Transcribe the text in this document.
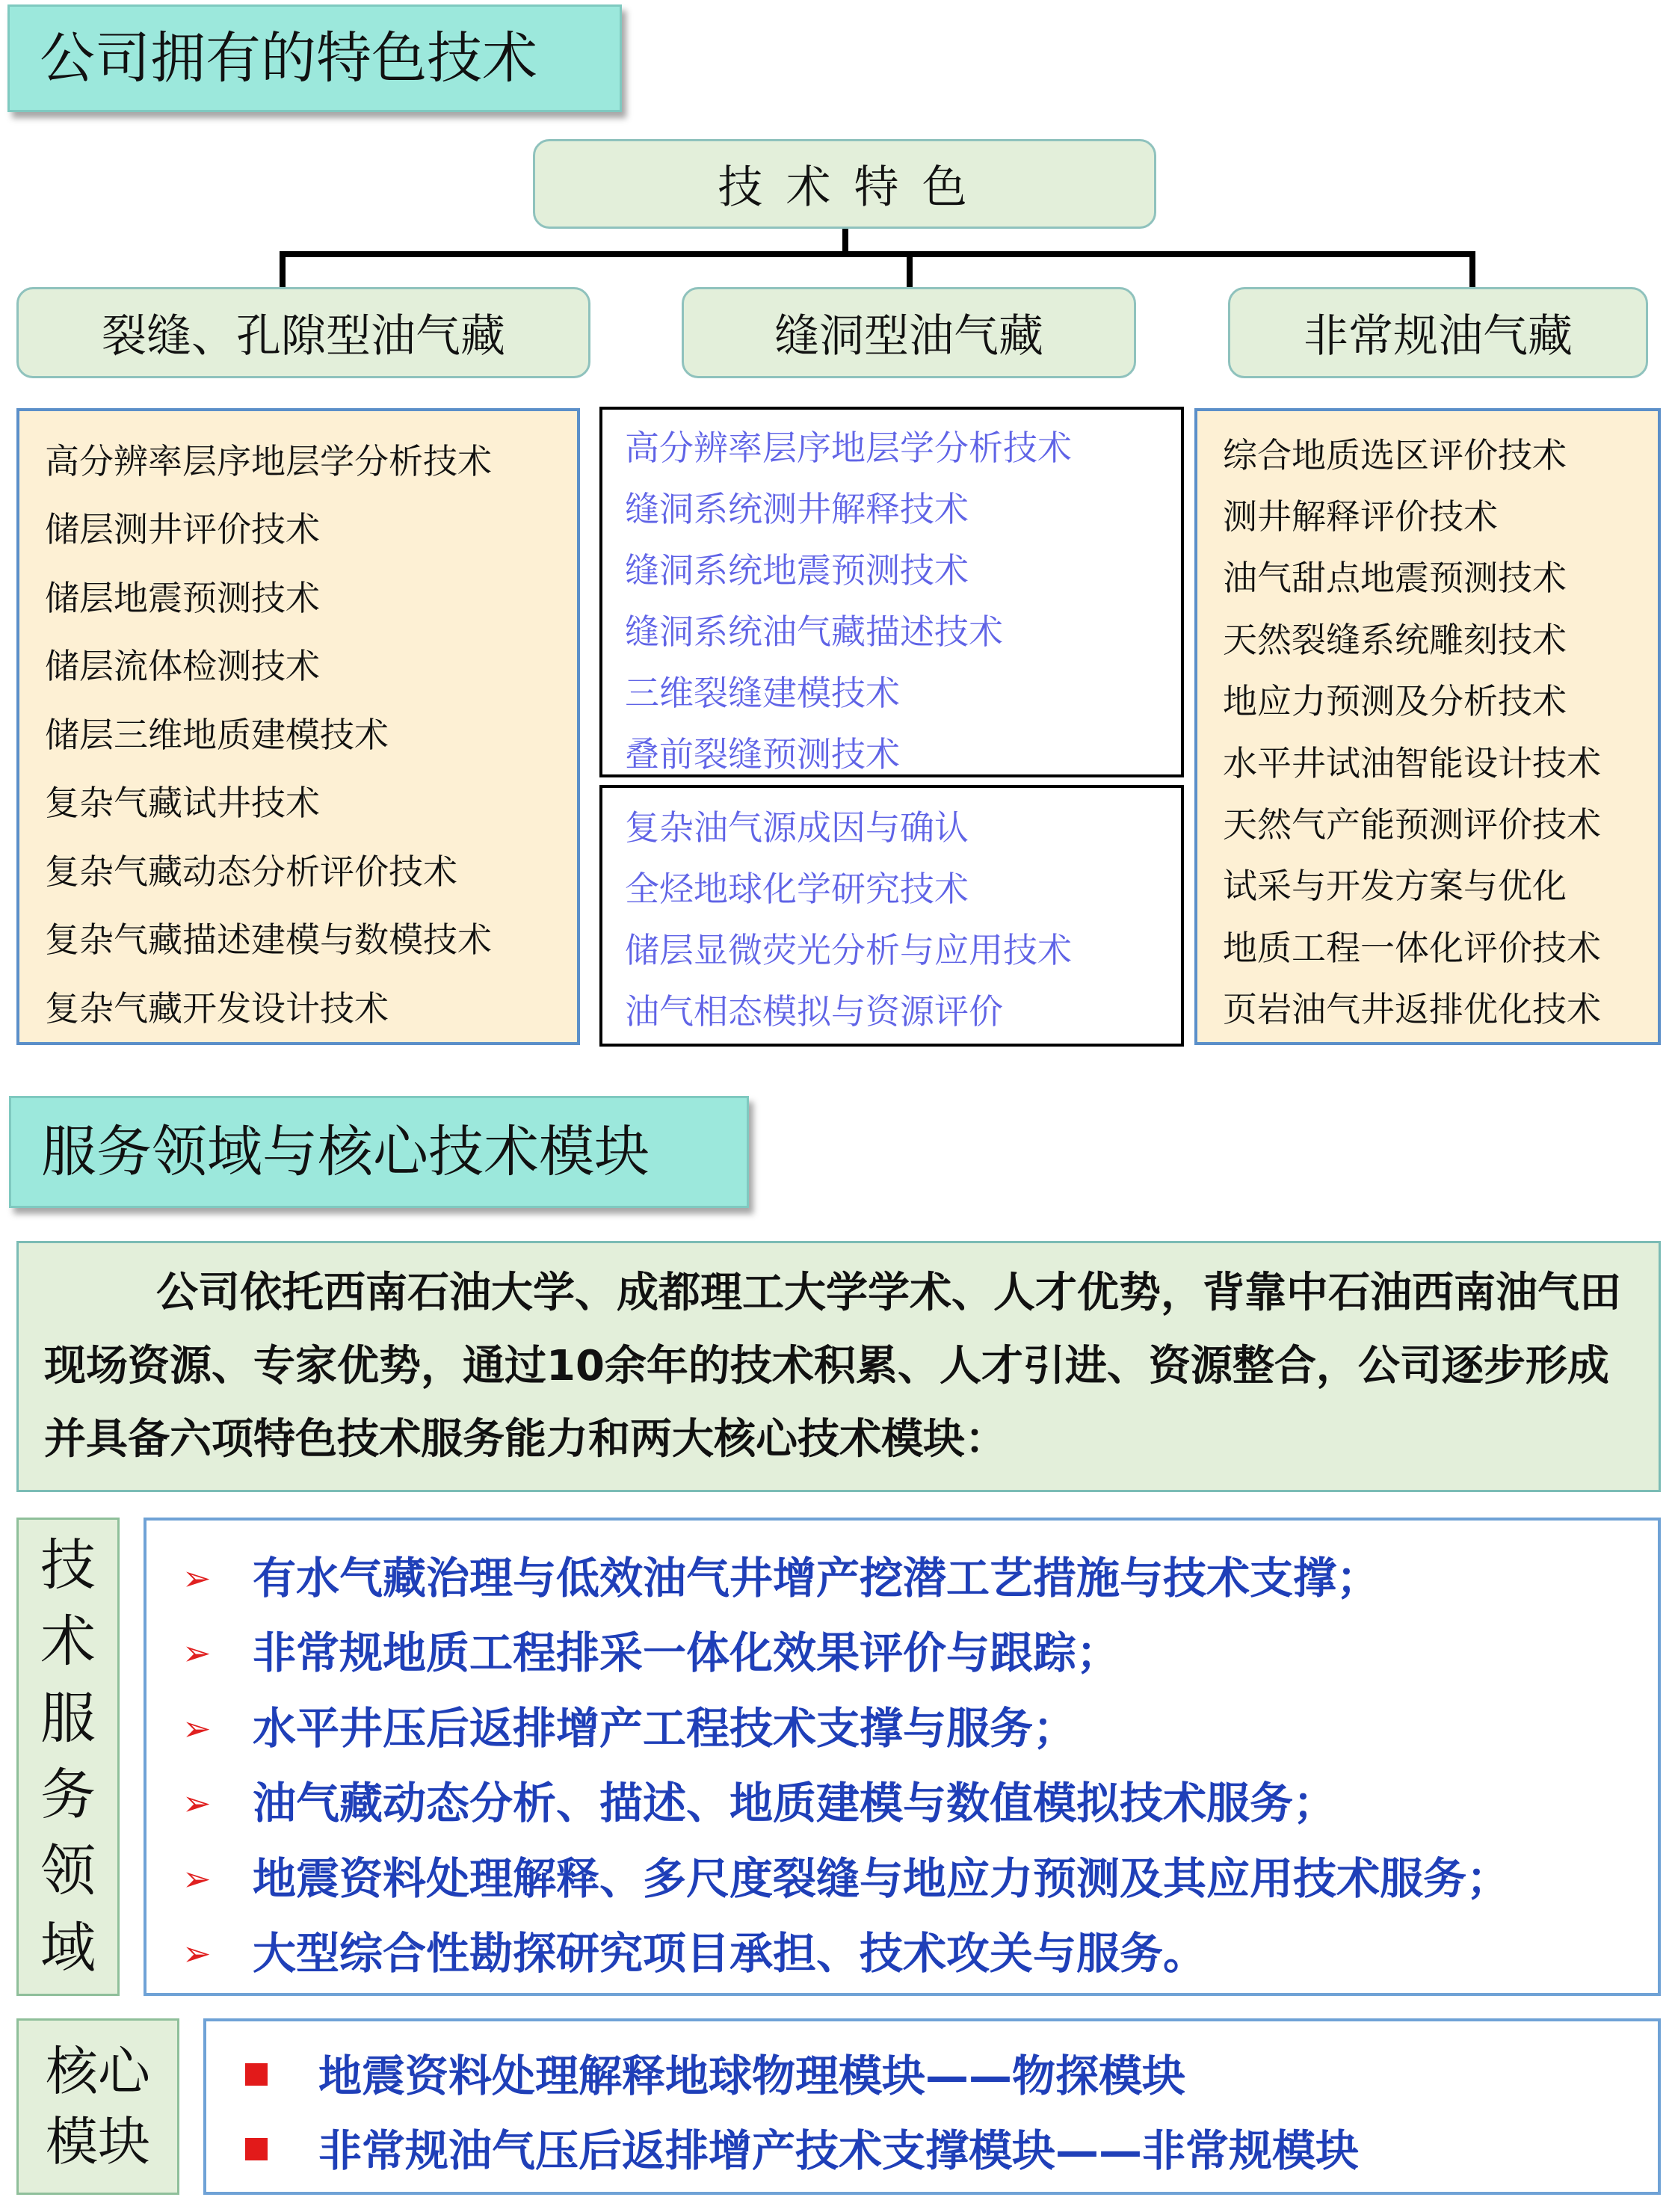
公司拥有的特色技术
技 术 特 色
裂缝、孔隙型油气藏	缝洞型油气藏	非常规油气藏
高分辨率层序地层学分析技术
储层测井评价技术
储层地震预测技术
储层流体检测技术
储层三维地质建模技术
复杂气藏试井技术
复杂气藏动态分析评价技术
复杂气藏描述建模与数模技术
复杂气藏开发设计技术
高分辨率层序地层学分析技术
缝洞系统测井解释技术
缝洞系统地震预测技术
缝洞系统油气藏描述技术
三维裂缝建模技术
叠前裂缝预测技术
复杂油气源成因与确认
全烃地球化学研究技术
储层显微荧光分析与应用技术
油气相态模拟与资源评价
综合地质选区评价技术
测井解释评价技术
油气甜点地震预测技术
天然裂缝系统雕刻技术
地应力预测及分析技术
水平井试油智能设计技术
天然气产能预测评价技术
试采与开发方案与优化
地质工程一体化评价技术
页岩油气井返排优化技术
服务领域与核心技术模块

公司依托西南石油大学、成都理工大学学术、人才优势，背靠中石油西南油气田现场资源、专家优势，通过10余年的技术积累、人才引进、资源整合，公司逐步形成并具备六项特色技术服务能力和两大核心技术模块：

技
术
服
务
领
域
➢ 有水气藏治理与低效油气井增产挖潜工艺措施与技术支撑；
➢ 非常规地质工程排采一体化效果评价与跟踪；
➢ 水平井压后返排增产工程技术支撑与服务；
➢ 油气藏动态分析、描述、地质建模与数值模拟技术服务；
➢ 地震资料处理解释、多尺度裂缝与地应力预测及其应用技术服务；
➢ 大型综合性勘探研究项目承担、技术攻关与服务。
核心
模块
地震资料处理解释地球物理模块——物探模块
非常规油气压后返排增产技术支撑模块——非常规模块
